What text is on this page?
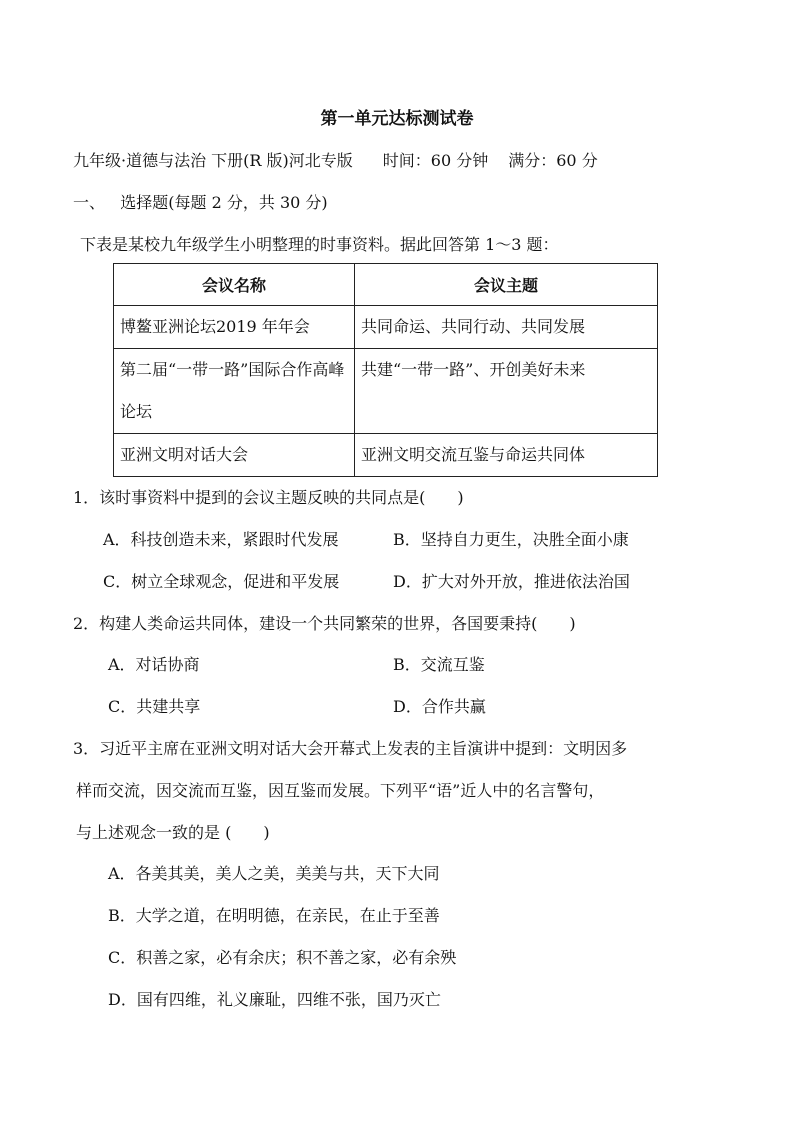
第一单元达标测试卷
九年级·道德与法治 下册(R 版)河北专版 时间：60 分钟 满分：60 分
一、   选择题(每题 2 分，共 30 分)
下表是某校九年级学生小明整理的时事资料。据此回答第 1～3 题：
会议名称	会议主题
博鳌亚洲论坛2019 年年会	共同命运、共同行动、共同发展
第二届“一带一路”国际合作高峰论坛	共建“一带一路”、开创美好未来
亚洲文明对话大会	亚洲文明交流互鉴与命运共同体
1．该时事资料中提到的会议主题反映的共同点是(　　)
A．科技创造未来，紧跟时代发展	B．坚持自力更生，决胜全面小康
C．树立全球观念，促进和平发展	D．扩大对外开放，推进依法治国
2．构建人类命运共同体，建设一个共同繁荣的世界，各国要秉持(　　)
A．对话协商	B．交流互鉴
C．共建共享	D．合作共赢
3．习近平主席在亚洲文明对话大会开幕式上发表的主旨演讲中提到：文明因多
样而交流，因交流而互鉴，因互鉴而发展。下列平“语”近人中的名言警句，
与上述观念一致的是 (　　)
A．各美其美，美人之美，美美与共，天下大同
B．大学之道，在明明德，在亲民，在止于至善
C．积善之家，必有余庆；积不善之家，必有余殃
D．国有四维，礼义廉耻，四维不张，国乃灭亡
